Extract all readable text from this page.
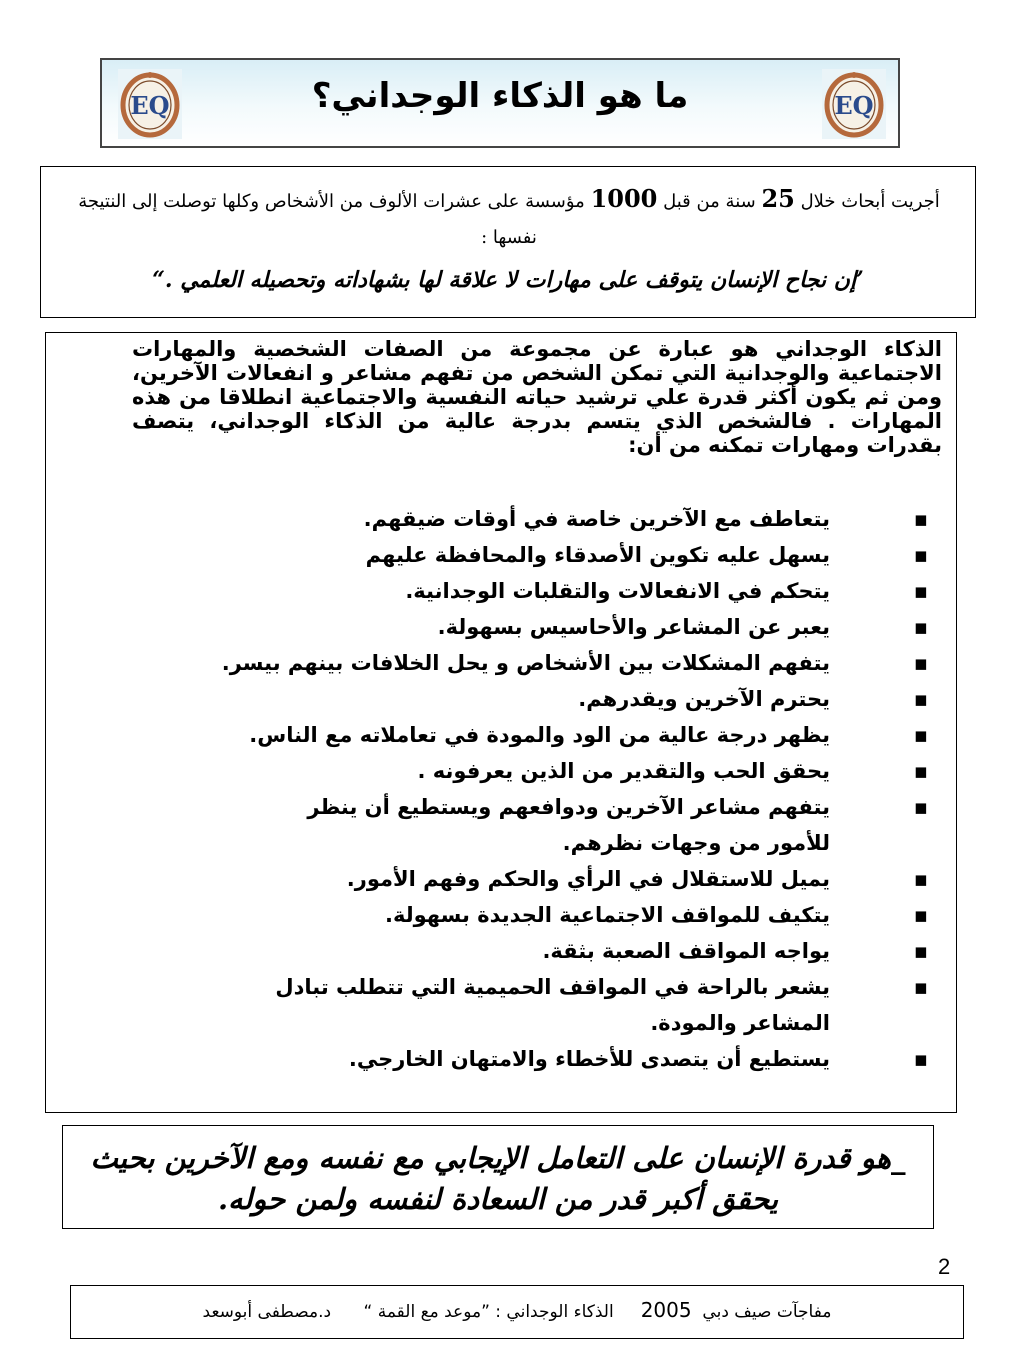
EQ	ما هو الذكاء الوجداني؟	EQ
أجريت أبحاث خلال 25 سنة من قبل 1000 مؤسسة على عشرات الألوف من الأشخاص وكلها توصلت إلى النتيجة نفسها :
’إن نجاح الإنسان يتوقف على مهارات لا علاقة لها بشهاداته وتحصيله العلمي .“
الذكاء الوجداني هو عبارة عن مجموعة من الصفات الشخصية والمهارات الاجتماعية والوجدانية التي تمكن الشخص من تفهم مشاعر و انفعالات الآخرين، ومن ثم يكون أكثر قدرة علي ترشيد حياته النفسية والاجتماعية انطلاقا من هذه المهارات . فالشخص الذي يتسم بدرجة عالية من الذكاء الوجداني، يتصف بقدرات ومهارات تمكنه من أن:
▪
يتعاطف مع الآخرين خاصة في أوقات ضيقهم.
▪
يسهل عليه تكوين الأصدقاء والمحافظة عليهم
▪
يتحكم في الانفعالات والتقلبات الوجدانية.
▪
يعبر عن المشاعر والأحاسيس بسهولة.
▪
يتفهم المشكلات بين الأشخاص و يحل الخلافات بينهم بيسر.
▪
يحترم الآخرين ويقدرهم.
▪
يظهر درجة عالية من الود والمودة في تعاملاته مع الناس.
▪
يحقق الحب والتقدير من الذين يعرفونه .
▪
يتفهم مشاعر الآخرين ودوافعهم ويستطيع أن ينظر للأمور من وجهات نظرهم.
▪
يميل للاستقلال في الرأي والحكم وفهم الأمور.
▪
يتكيف للمواقف الاجتماعية الجديدة بسهولة.
▪
يواجه المواقف الصعبة بثقة.
▪
يشعر بالراحة في المواقف الحميمية التي تتطلب تبادل المشاعر والمودة.
▪
يستطيع أن يتصدى للأخطاء والامتهان الخارجي.
_هو قدرة الإنسان على التعامل الإيجابي مع نفسه ومع الآخرين بحيث يحقق أكبر قدر من السعادة لنفسه ولمن حوله.
2
مفاجآت صيف دبي  2005     الذكاء الوجداني : ”موعد مع القمة “      د.مصطفى أبوسعد
